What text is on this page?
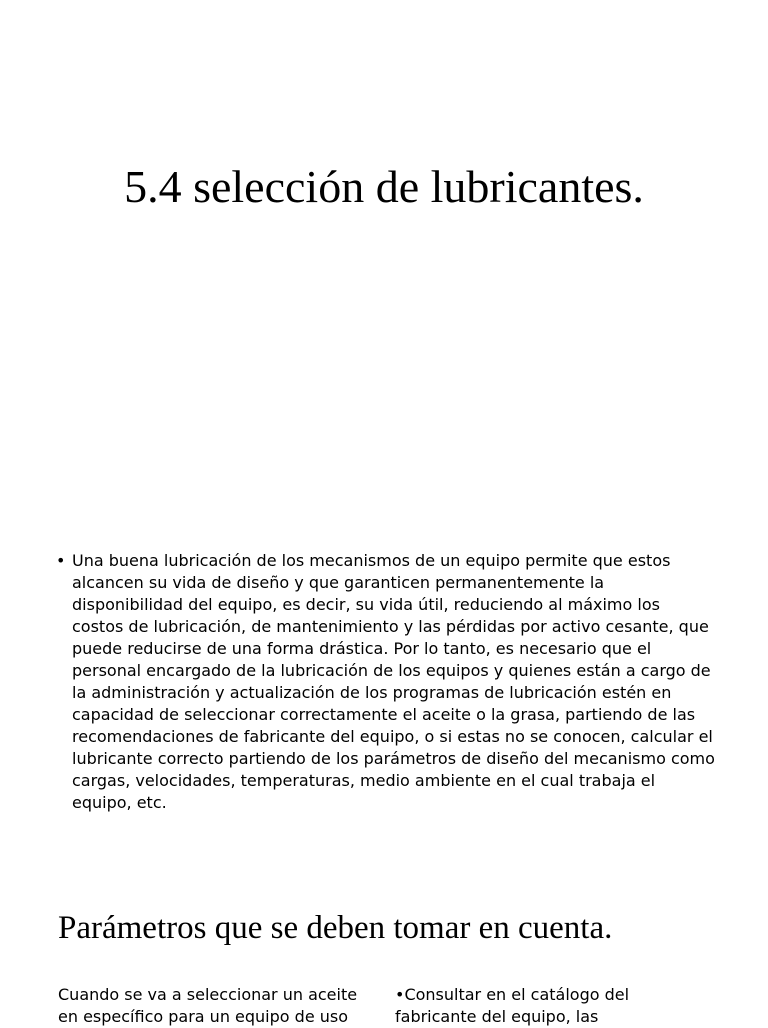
5.4 selección de lubricantes.
• Una buena lubricación de los mecanismos de un equipo permite que estos alcancen su vida de diseño y que garanticen permanentemente la disponibilidad del equipo, es decir, su vida útil, reduciendo al máximo los costos de lubricación, de mantenimiento y las pérdidas por activo cesante, que puede reducirse de una forma drástica. Por lo tanto, es necesario que el personal encargado de la lubricación de los equipos y quienes están a cargo de la administración y actualización de los programas de lubricación estén en capacidad de seleccionar correctamente el aceite o la grasa, partiendo de las recomendaciones de fabricante del equipo, o si estas no se conocen, calcular el lubricante correcto partiendo de los parámetros de diseño del mecanismo como cargas, velocidades, temperaturas, medio ambiente en el cual trabaja el equipo, etc.
Parámetros que se deben tomar en cuenta.
Cuando se va a seleccionar un aceite en específico para un equipo de uso
•Consultar en el catálogo del fabricante del equipo, las
